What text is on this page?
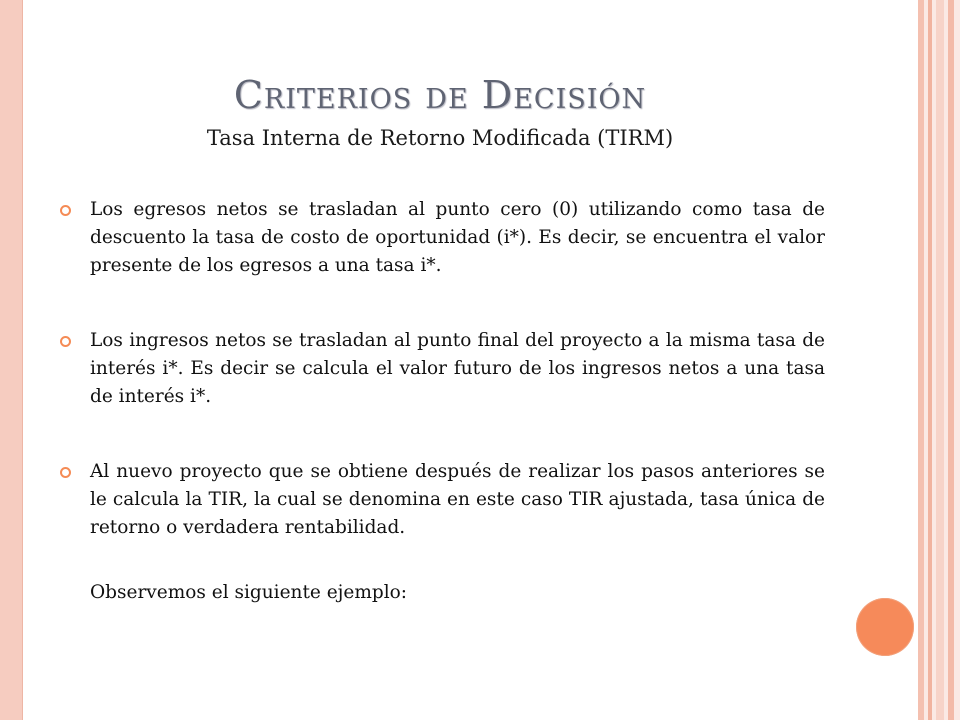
Criterios de Decisión
Tasa Interna de Retorno Modificada (TIRM)
Los egresos netos se trasladan al punto cero (0) utilizando como tasa de descuento la tasa de costo de oportunidad (i*). Es decir, se encuentra el valor presente de los egresos a una tasa i*.
Los ingresos netos se trasladan al punto final del proyecto a la misma tasa de interés i*. Es decir se calcula el valor futuro de los ingresos netos a una tasa de interés i*.
Al nuevo proyecto que se obtiene después de realizar los pasos anteriores se le calcula la TIR, la cual se denomina en este caso TIR ajustada, tasa única de retorno o verdadera rentabilidad.
Observemos el siguiente ejemplo:
